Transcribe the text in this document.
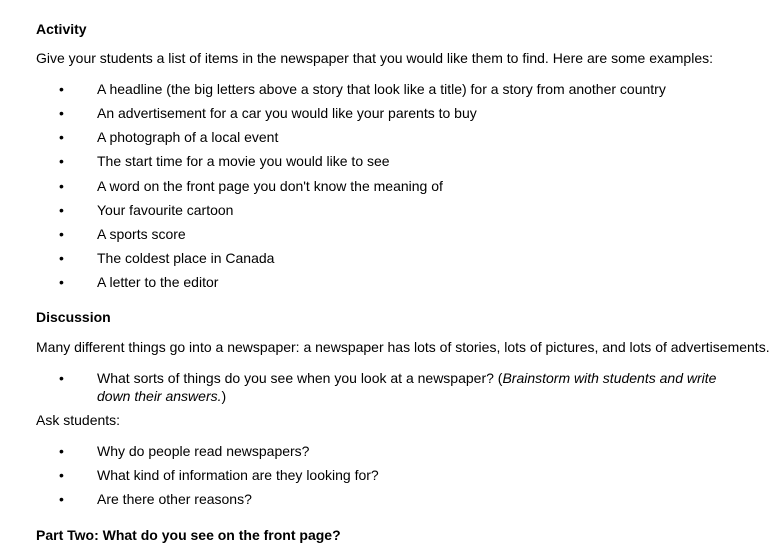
Activity
Give your students a list of items in the newspaper that you would like them to find. Here are some examples:
• A headline (the big letters above a story that look like a title) for a story from another country
• An advertisement for a car you would like your parents to buy
• A photograph of a local event
• The start time for a movie you would like to see
• A word on the front page you don't know the meaning of
• Your favourite cartoon
• A sports score
• The coldest place in Canada
• A letter to the editor
Discussion
Many different things go into a newspaper: a newspaper has lots of stories, lots of pictures, and lots of advertisements.
• What sorts of things do you see when you look at a newspaper? (Brainstorm with students and write down their answers.)
Ask students:
• Why do people read newspapers?
• What kind of information are they looking for?
• Are there other reasons?
Part Two: What do you see on the front page?
